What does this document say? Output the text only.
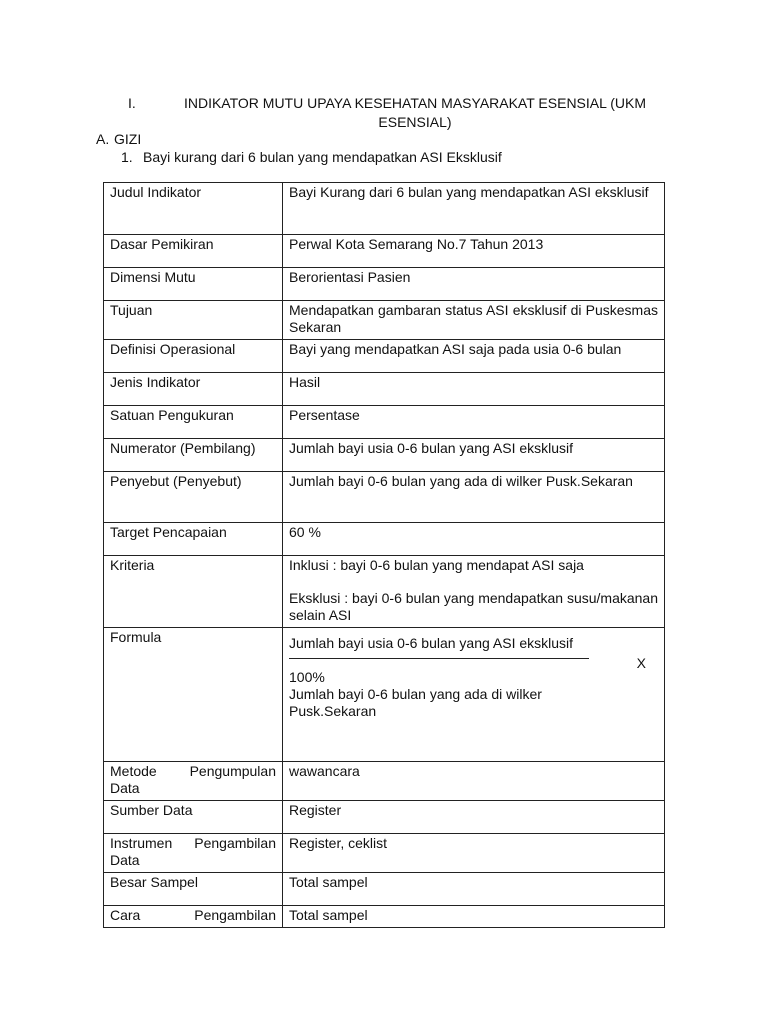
I.	INDIKATOR MUTU UPAYA KESEHATAN MASYARAKAT ESENSIAL (UKM ESENSIAL)
A. GIZI
1. Bayi kurang dari 6 bulan yang mendapatkan ASI Eksklusif
Judul Indikator	Bayi Kurang dari 6 bulan yang mendapatkan ASI eksklusif
Dasar Pemikiran	Perwal Kota Semarang No.7 Tahun 2013
Dimensi Mutu	Berorientasi Pasien
Tujuan	Mendapatkan gambaran status ASI eksklusif di Puskesmas Sekaran
Definisi Operasional	Bayi yang mendapatkan ASI saja pada usia 0-6 bulan
Jenis Indikator	Hasil
Satuan Pengukuran	Persentase
Numerator (Pembilang)	Jumlah bayi usia 0-6 bulan yang ASI eksklusif
Penyebut (Penyebut)	Jumlah bayi 0-6 bulan yang ada di wilker Pusk.Sekaran
Target Pencapaian	60 %
Kriteria	Inklusi : bayi 0-6 bulan yang mendapat ASI saja
Eksklusi : bayi 0-6 bulan yang mendapatkan susu/makanan selain ASI

Formula	Jumlah bayi usia 0-6 bulan yang ASI eksklusif
X
100%
Jumlah bayi 0-6 bulan yang ada di wilker
Pusk.Sekaran

Metode Pengumpulan Data	wawancara
Sumber Data	Register
Instrumen Pengambilan Data	Register, ceklist
Besar Sampel	Total sampel
Cara Pengambilan	Total sampel
